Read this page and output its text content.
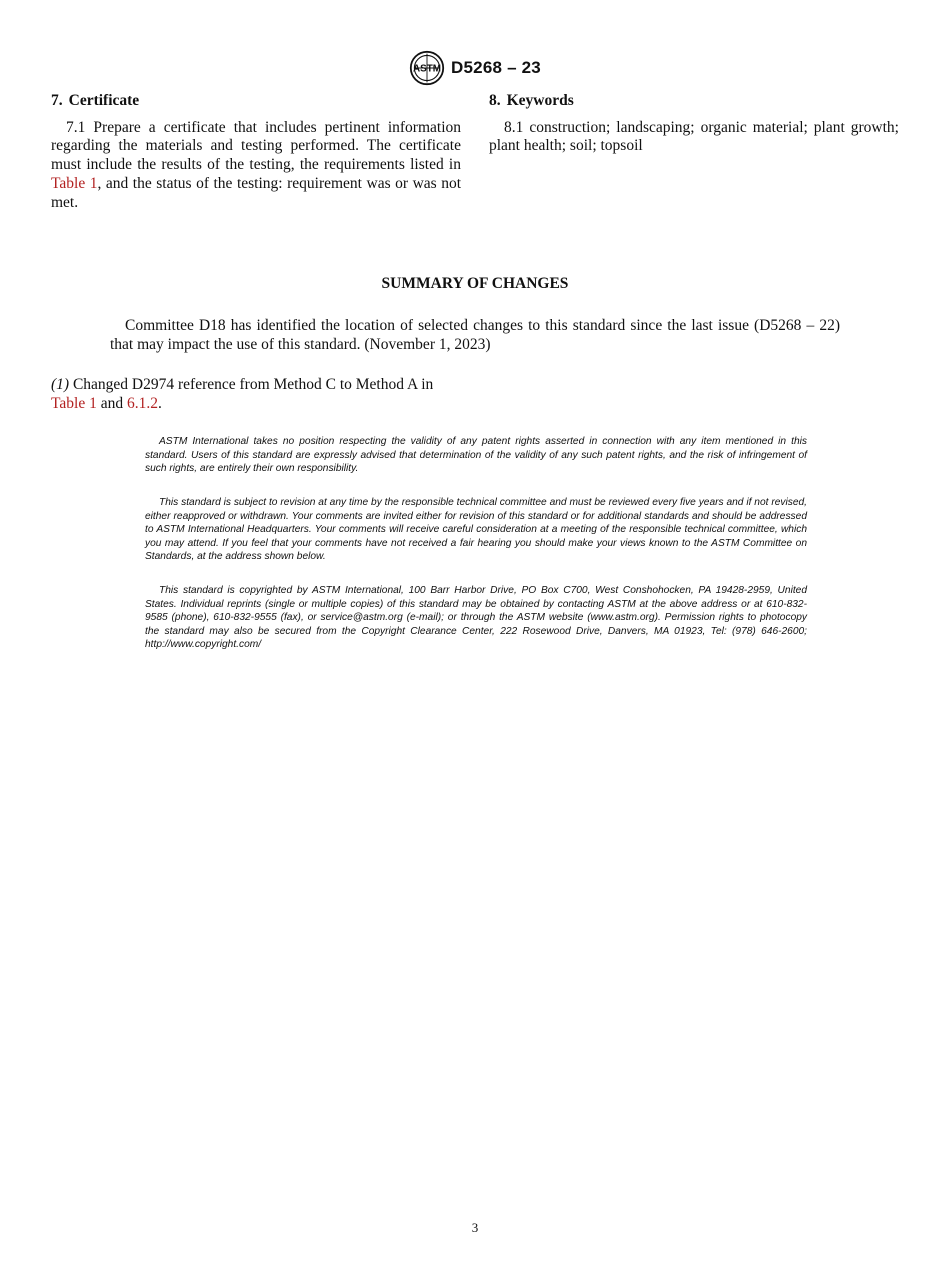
ASTM D5268 – 23
7. Certificate

7.1 Prepare a certificate that includes pertinent information regarding the materials and testing performed. The certificate must include the results of the testing, the requirements listed in Table 1, and the status of the testing: requirement was or was not met.

8. Keywords

8.1 construction; landscaping; organic material; plant growth; plant health; soil; topsoil

SUMMARY OF CHANGES

Committee D18 has identified the location of selected changes to this standard since the last issue (D5268 – 22) that may impact the use of this standard. (November 1, 2023)

(1) Changed D2974 reference from Method C to Method A in Table 1 and 6.1.2.

ASTM International takes no position respecting the validity of any patent rights asserted in connection with any item mentioned in this standard. Users of this standard are expressly advised that determination of the validity of any such patent rights, and the risk of infringement of such rights, are entirely their own responsibility.

This standard is subject to revision at any time by the responsible technical committee and must be reviewed every five years and if not revised, either reapproved or withdrawn. Your comments are invited either for revision of this standard or for additional standards and should be addressed to ASTM International Headquarters. Your comments will receive careful consideration at a meeting of the responsible technical committee, which you may attend. If you feel that your comments have not received a fair hearing you should make your views known to the ASTM Committee on Standards, at the address shown below.

This standard is copyrighted by ASTM International, 100 Barr Harbor Drive, PO Box C700, West Conshohocken, PA 19428-2959, United States. Individual reprints (single or multiple copies) of this standard may be obtained by contacting ASTM at the above address or at 610-832-9585 (phone), 610-832-9555 (fax), or service@astm.org (e-mail); or through the ASTM website (www.astm.org). Permission rights to photocopy the standard may also be secured from the Copyright Clearance Center, 222 Rosewood Drive, Danvers, MA 01923, Tel: (978) 646-2600; http://www.copyright.com/

3
